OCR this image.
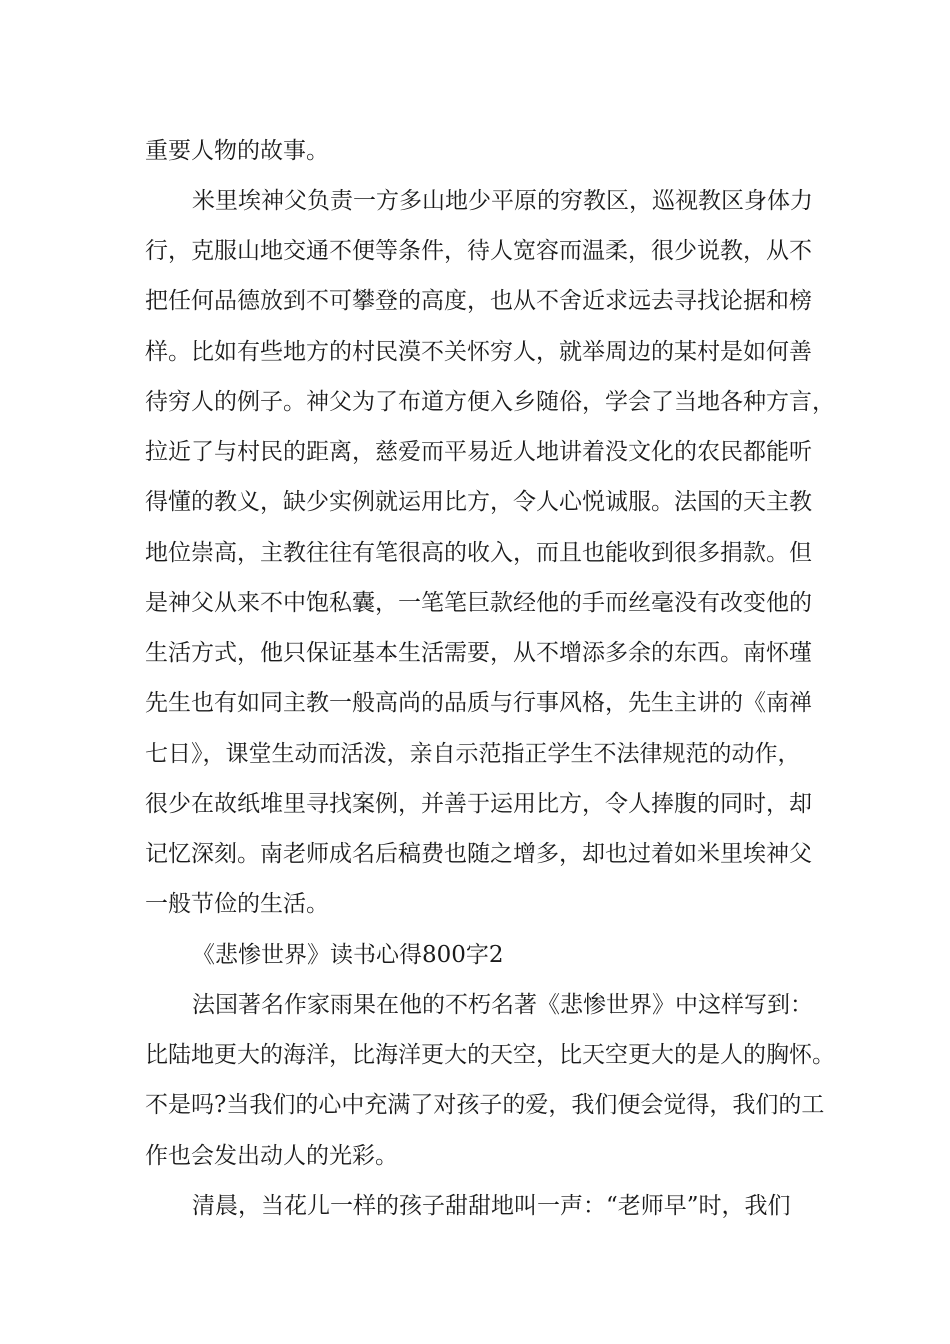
重要人物的故事。
米里埃神父负责一方多山地少平原的穷教区，巡视教区身体力
行，克服山地交通不便等条件，待人宽容而温柔，很少说教，从不
把任何品德放到不可攀登的高度，也从不舍近求远去寻找论据和榜
样。比如有些地方的村民漠不关怀穷人，就举周边的某村是如何善
待穷人的例子。神父为了布道方便入乡随俗，学会了当地各种方言，
拉近了与村民的距离，慈爱而平易近人地讲着没文化的农民都能听
得懂的教义，缺少实例就运用比方，令人心悦诚服。法国的天主教
地位崇高，主教往往有笔很高的收入，而且也能收到很多捐款。但
是神父从来不中饱私囊，一笔笔巨款经他的手而丝毫没有改变他的
生活方式，他只保证基本生活需要，从不增添多余的东西。南怀瑾
先生也有如同主教一般高尚的品质与行事风格，先生主讲的《南禅
七日》，课堂生动而活泼，亲自示范指正学生不法律规范的动作，
很少在故纸堆里寻找案例，并善于运用比方，令人捧腹的同时，却
记忆深刻。南老师成名后稿费也随之增多，却也过着如米里埃神父
一般节俭的生活。
《悲惨世界》读书心得800字2
法国著名作家雨果在他的不朽名著《悲惨世界》中这样写到：
比陆地更大的海洋，比海洋更大的天空，比天空更大的是人的胸怀。
不是吗?当我们的心中充满了对孩子的爱，我们便会觉得，我们的工
作也会发出动人的光彩。
清晨，当花儿一样的孩子甜甜地叫一声：“老师早”时，我们
